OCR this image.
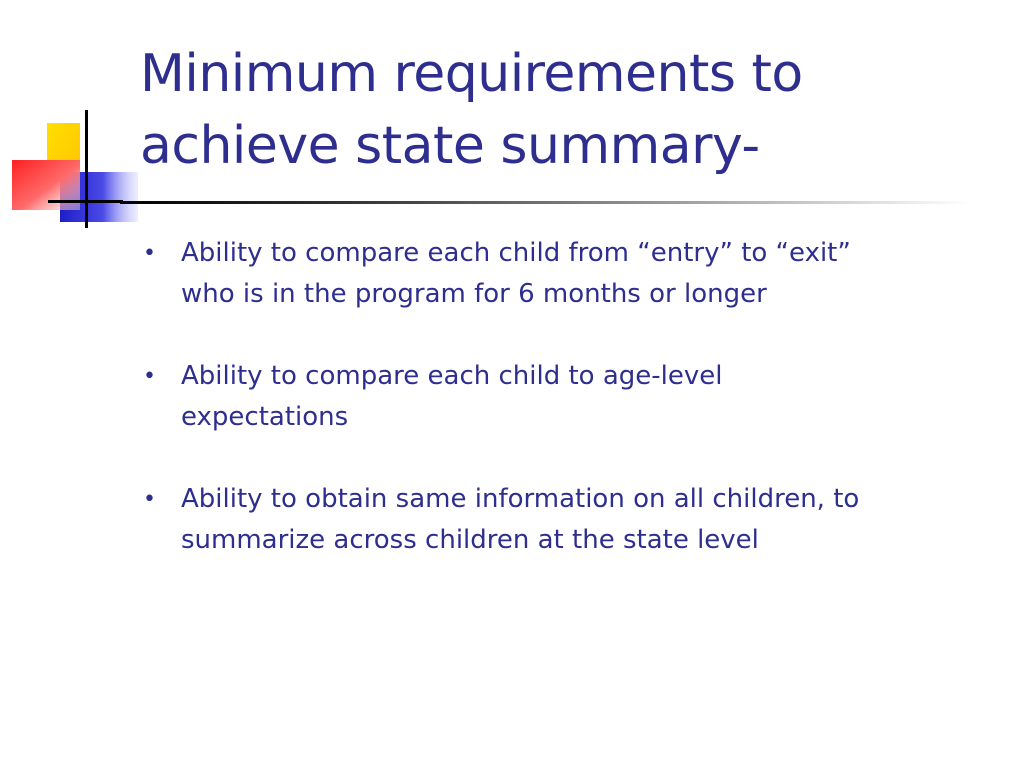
Minimum requirements to
achieve state summary-
• Ability to compare each child from “entry” to “exit”
who is in the program for 6 months or longer
• Ability to compare each child to age-level
expectations
• Ability to obtain same information on all children, to
summarize across children at the state level
